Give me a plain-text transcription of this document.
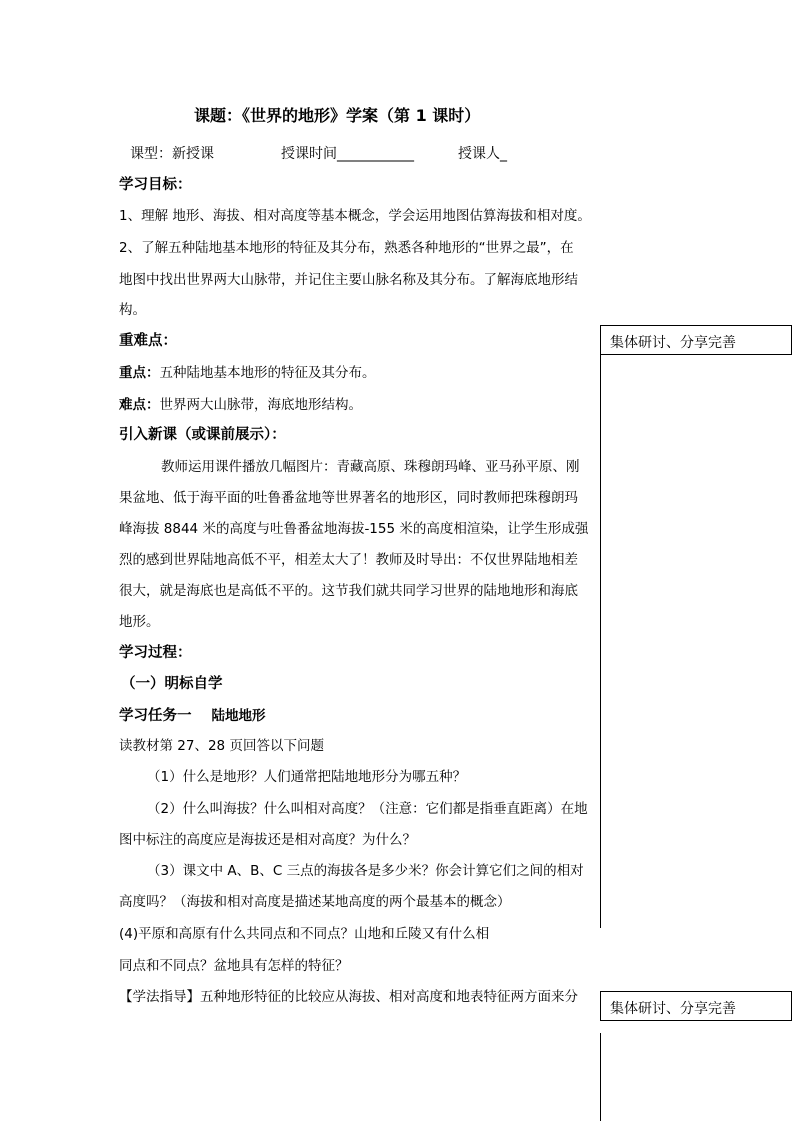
课题：《世界的地形》学案（第 1 课时）
课型：新授课	授课时间___________	授课人_
学习目标：
1、理解 地形、海拔、相对高度等基本概念，学会运用地图估算海拔和相对度。
2、了解五种陆地基本地形的特征及其分布，熟悉各种地形的“世界之最”，在
地图中找出世界两大山脉带，并记住主要山脉名称及其分布。了解海底地形结
构。
重难点：
重点：五种陆地基本地形的特征及其分布。
难点：世界两大山脉带，海底地形结构。
引入新课（或课前展示）：
教师运用课件播放几幅图片：青藏高原、珠穆朗玛峰、亚马孙平原、刚
果盆地、低于海平面的吐鲁番盆地等世界著名的地形区，同时教师把珠穆朗玛
峰海拔 8844 米的高度与吐鲁番盆地海拔-155 米的高度相渲染，让学生形成强
烈的感到世界陆地高低不平，相差太大了！教师及时导出：不仅世界陆地相差
很大，就是海底也是高低不平的。这节我们就共同学习世界的陆地地形和海底
地形。
学习过程：
（一）明标自学
学习任务一 陆地地形
读教材第 27、28 页回答以下问题
（1）什么是地形？人们通常把陆地地形分为哪五种？
（2）什么叫海拔？什么叫相对高度？（注意：它们都是指垂直距离）在地
图中标注的高度应是海拔还是相对高度？为什么？
（3）课文中 A、B、C 三点的海拔各是多少米？你会计算它们之间的相对
高度吗？（海拔和相对高度是描述某地高度的两个最基本的概念）
(4)平原和高原有什么共同点和不同点？山地和丘陵又有什么相
同点和不同点？盆地具有怎样的特征？
【学法指导】五种地形特征的比较应从海拔、相对高度和地表特征两方面来分
集体研讨、分享完善
集体研讨、分享完善
